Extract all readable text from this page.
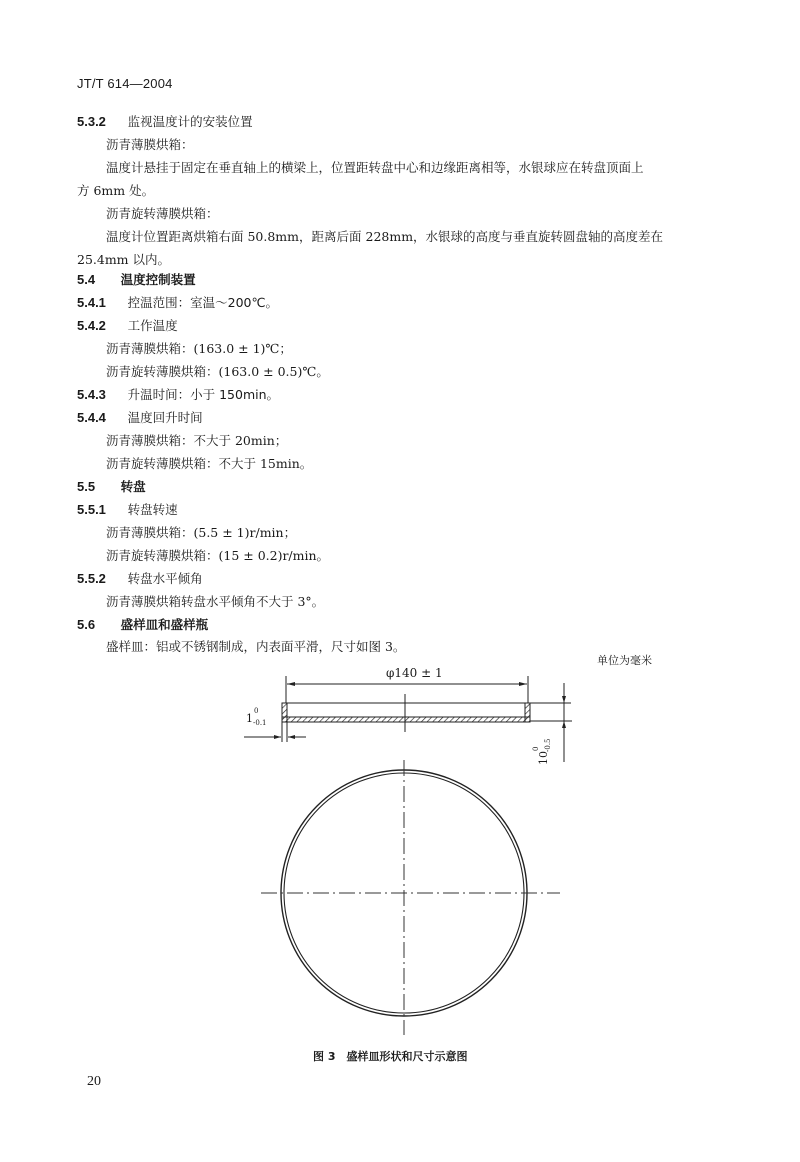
JT/T 614—2004
5.3.2 监视温度计的安装位置
沥青薄膜烘箱：
温度计悬挂于固定在垂直轴上的横梁上，位置距转盘中心和边缘距离相等，水银球应在转盘顶面上
方 6mm 处。
沥青旋转薄膜烘箱：
温度计位置距离烘箱右面 50.8mm，距离后面 228mm，水银球的高度与垂直旋转圆盘轴的高度差在
25.4mm 以内。
5.4 温度控制装置
5.4.1 控温范围：室温～200℃。
5.4.2 工作温度
沥青薄膜烘箱：(163.0 ± 1)℃；
沥青旋转薄膜烘箱：(163.0 ± 0.5)℃。
5.4.3 升温时间：小于 150min。
5.4.4 温度回升时间
沥青薄膜烘箱：不大于 20min；
沥青旋转薄膜烘箱：不大于 15min。
5.5 转盘
5.5.1 转盘转速
沥青薄膜烘箱：(5.5 ± 1)r/min；
沥青旋转薄膜烘箱：(15 ± 0.2)r/min。
5.5.2 转盘水平倾角
沥青薄膜烘箱转盘水平倾角不大于 3°。
5.6 盛样皿和盛样瓶
盛样皿：铝或不锈钢制成，内表面平滑，尺寸如图 3。
单位为毫米
φ140 ± 1
1
0
-0.1
10
0 -0.5
图 3　盛样皿形状和尺寸示意图
20
